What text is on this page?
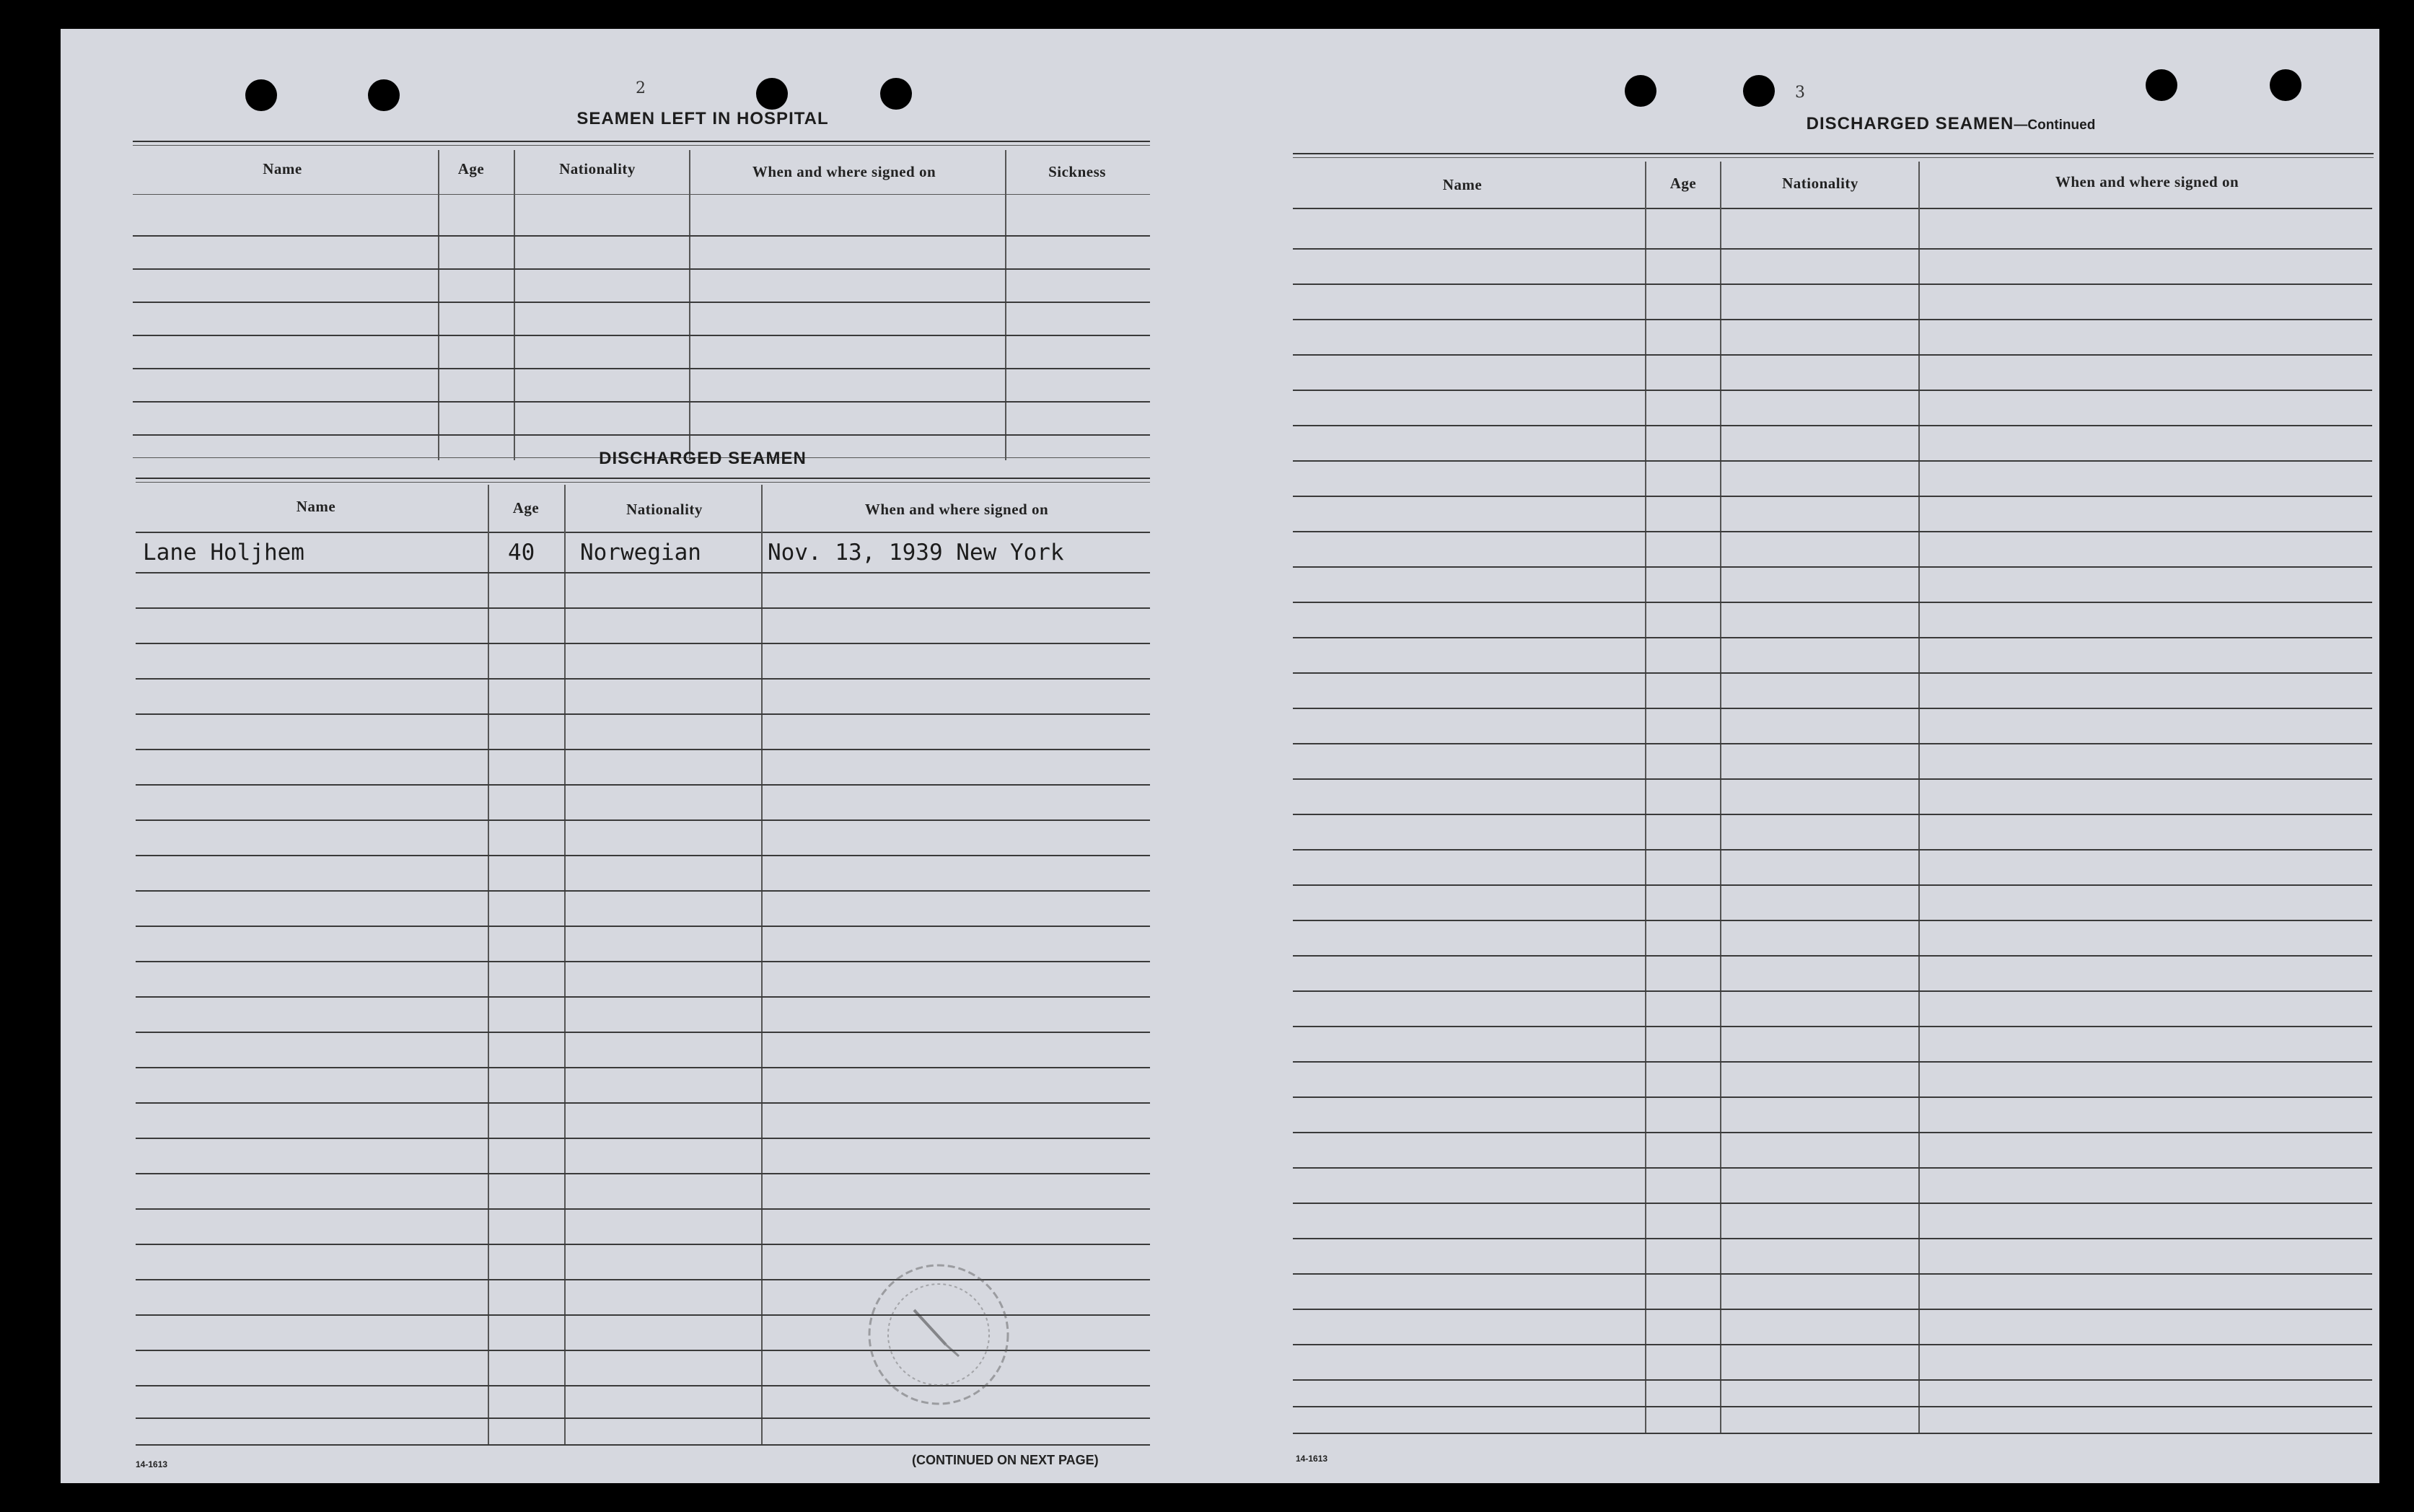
2
SEAMEN LEFT IN HOSPITAL
Name	Age	Nationality	When and where signed on	Sickness
DISCHARGED SEAMEN
Name	Age	Nationality	When and where signed on
Lane Holjhem	40 Norwegian	Nov. 13, 1939 New York
14-1613	(CONTINUED ON NEXT PAGE)
3
DISCHARGED SEAMEN—Continued
Name	Age	Nationality	When and where signed on
14-1613
